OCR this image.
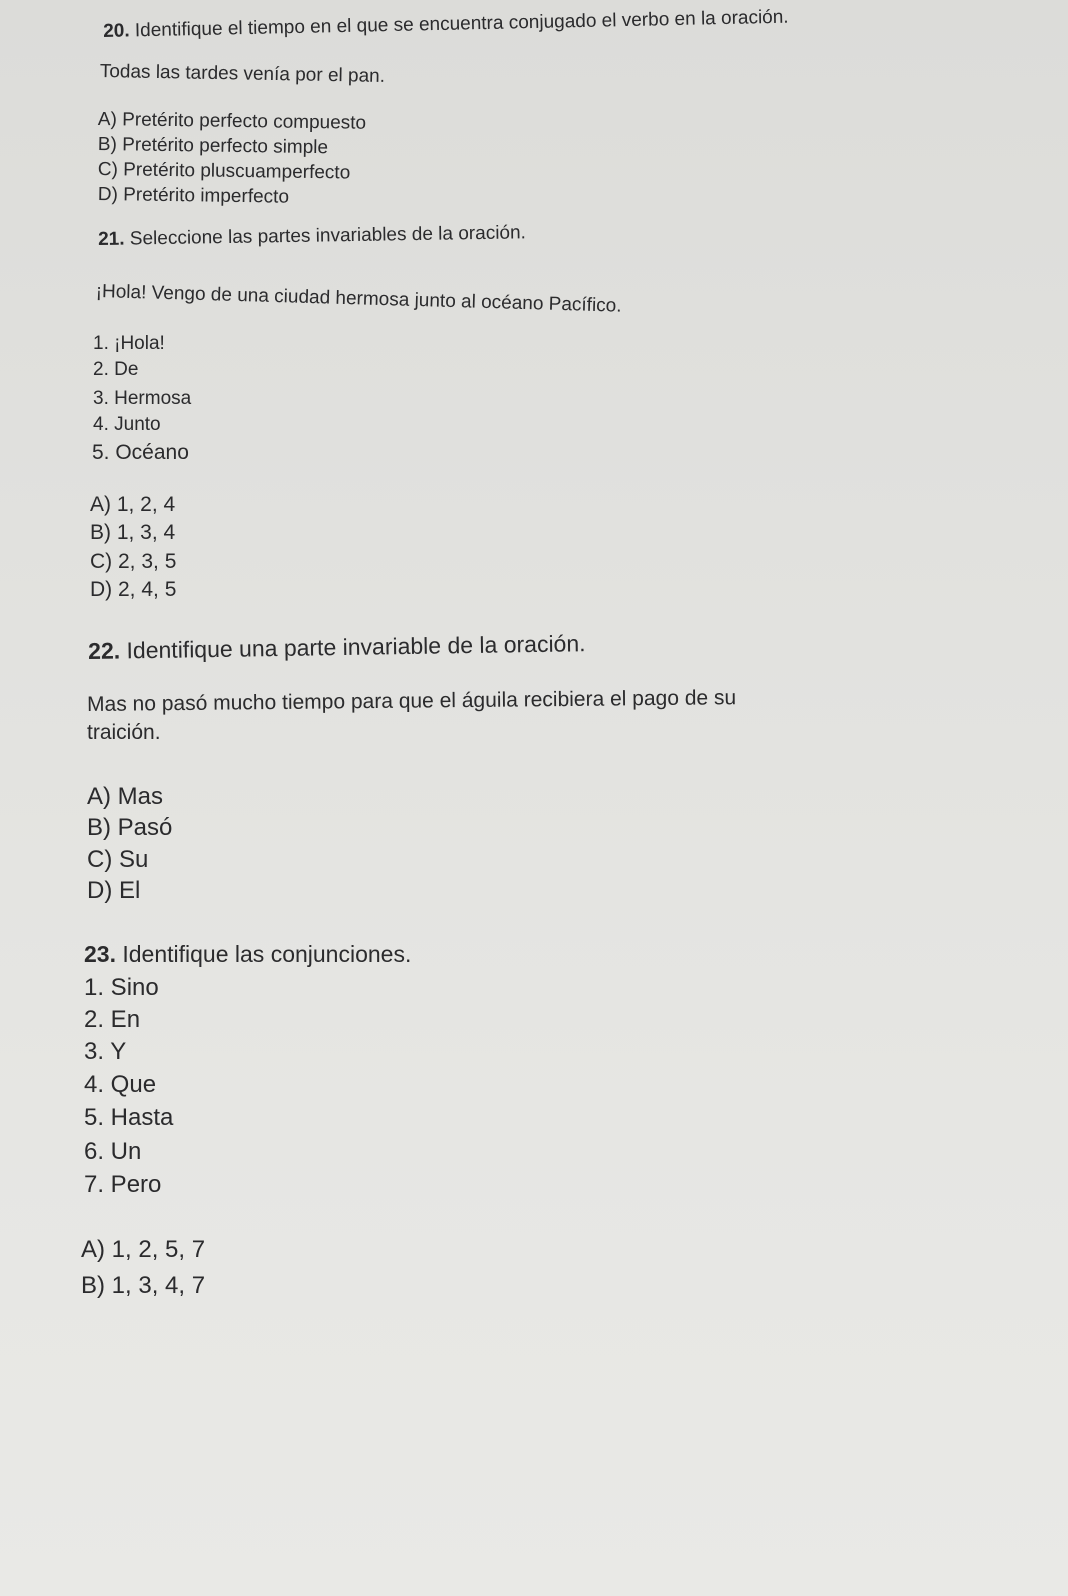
20. Identifique el tiempo en el que se encuentra conjugado el verbo en la oración.
Todas las tardes venía por el pan.
A) Pretérito perfecto compuesto
B) Pretérito perfecto simple
C) Pretérito pluscuamperfecto
D) Pretérito imperfecto
21. Seleccione las partes invariables de la oración.
¡Hola! Vengo de una ciudad hermosa junto al océano Pacífico.
1. ¡Hola!
2. De
3. Hermosa
4. Junto
5. Océano
A) 1, 2, 4
B) 1, 3, 4
C) 2, 3, 5
D) 2, 4, 5
22. Identifique una parte invariable de la oración.
Mas no pasó mucho tiempo para que el águila recibiera el pago de su
traición.
A) Mas
B) Pasó
C) Su
D) El
23. Identifique las conjunciones.
1. Sino
2. En
3. Y
4. Que
5. Hasta
6. Un
7. Pero
A) 1, 2, 5, 7
B) 1, 3, 4, 7
